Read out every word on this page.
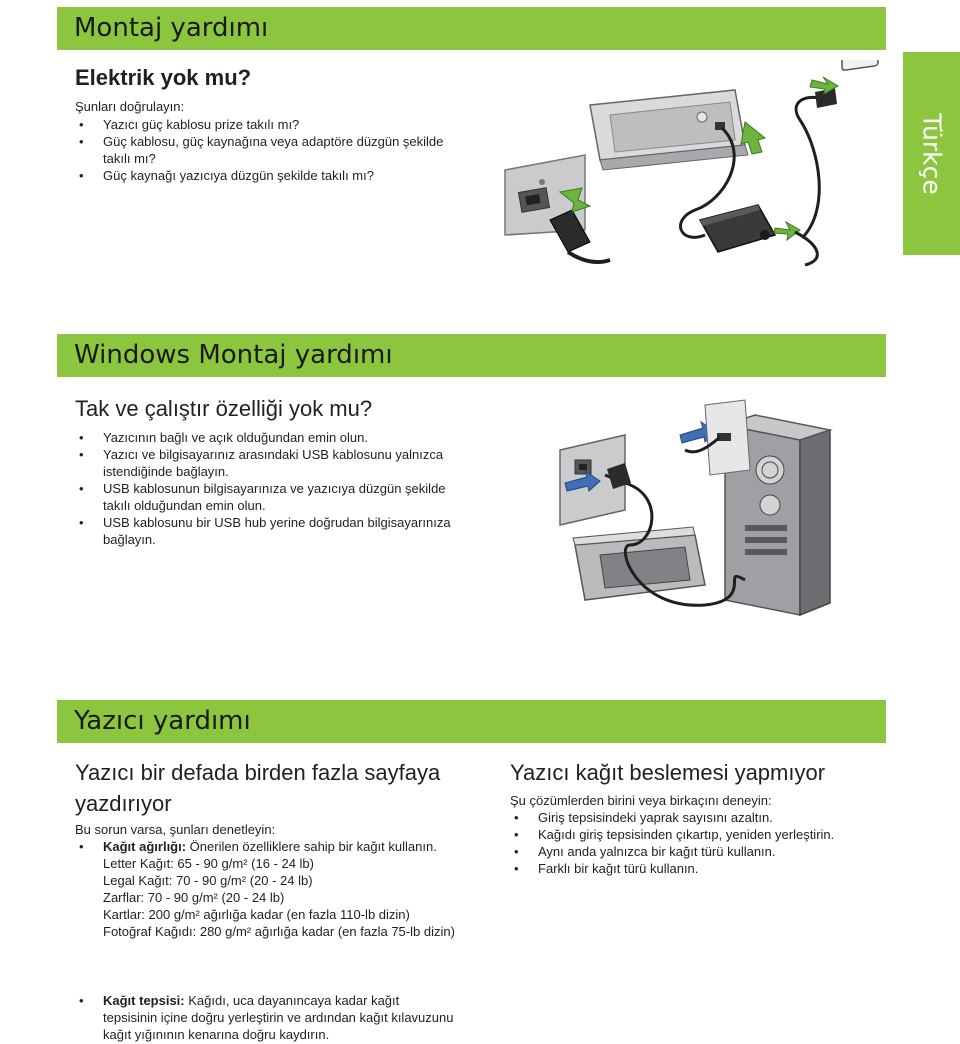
Montaj yardımı
Türkçe
Elektrik yok mu?
Şunları doğrulayın:
• Yazıcı güç kablosu prize takılı mı?
• Güç kablosu, güç kaynağına veya adaptöre düzgün şekilde takılı mı?
• Güç kaynağı yazıcıya düzgün şekilde takılı mı?
Windows Montaj yardımı
Tak ve çalıştır özelliği yok mu?
• Yazıcının bağlı ve açık olduğundan emin olun.
• Yazıcı ve bilgisayarınız arasındaki USB kablosunu yalnızca istendiğinde bağlayın.
• USB kablosunun bilgisayarınıza ve yazıcıya düzgün şekilde takılı olduğundan emin olun.
• USB kablosunu bir USB hub yerine doğrudan bilgisayarınıza bağlayın.
Yazıcı yardımı
Yazıcı bir defada birden fazla sayfaya yazdırıyor
Bu sorun varsa, şunları denetleyin:
• Kağıt ağırlığı: Önerilen özelliklere sahip bir kağıt kullanın.
Letter Kağıt: 65 - 90 g/m² (16 - 24 lb)
Legal Kağıt: 70 - 90 g/m² (20 - 24 lb)
Zarflar: 70 - 90 g/m² (20 - 24 lb)
Kartlar: 200 g/m² ağırlığa kadar (en fazla 110-lb dizin)
Fotoğraf Kağıdı: 280 g/m² ağırlığa kadar (en fazla 75-lb dizin)
• Kağıt tepsisi: Kağıdı, uca dayanıncaya kadar kağıt tepsisinin içine doğru yerleştirin ve ardından kağıt kılavuzunu kağıt yığınının kenarına doğru kaydırın.
Yazıcı kağıt beslemesi yapmıyor
Şu çözümlerden birini veya birkaçını deneyin:
• Giriş tepsisindeki yaprak sayısını azaltın.
• Kağıdı giriş tepsisinden çıkartıp, yeniden yerleştirin.
• Aynı anda yalnızca bir kağıt türü kullanın.
• Farklı bir kağıt türü kullanın.
